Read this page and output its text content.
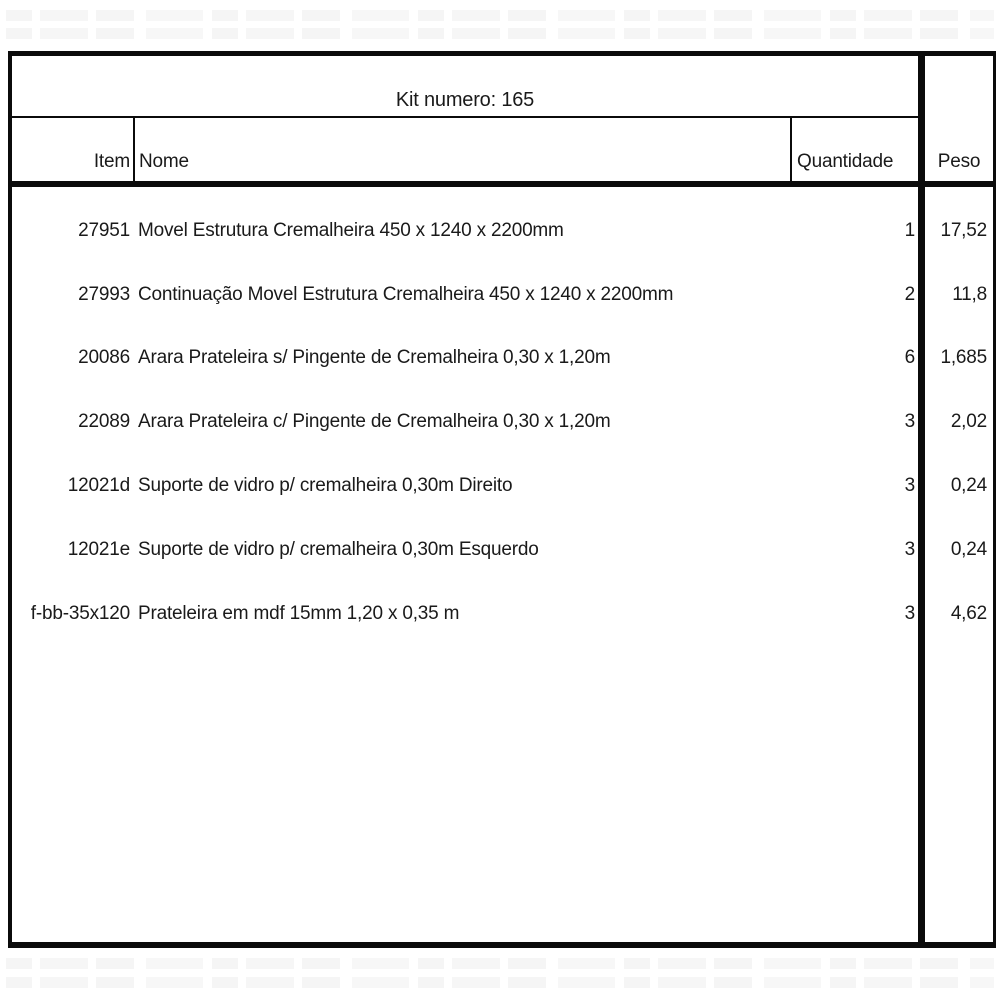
Kit numero: 165
Item Nome	Quantidade	Peso
27951 Movel Estrutura Cremalheira 450 x 1240 x 2200mm	1	17,52
27993 Continuação Movel Estrutura Cremalheira 450 x 1240 x 2200mm	2	11,8
20086 Arara Prateleira s/ Pingente de Cremalheira 0,30 x 1,20m	6	1,685
22089 Arara Prateleira c/ Pingente de Cremalheira 0,30 x 1,20m	3	2,02
12021d Suporte de vidro p/ cremalheira 0,30m Direito	3	0,24
12021e Suporte de vidro p/ cremalheira 0,30m Esquerdo	3	0,24
f-bb-35x120 Prateleira em mdf 15mm 1,20 x 0,35 m	3	4,62
